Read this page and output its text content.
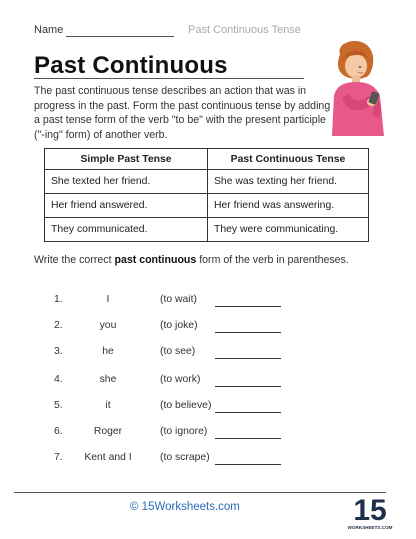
Name	Past Continuous Tense
Past Continuous
The past continuous tense describes an action that was in progress in the past. Form the past continuous tense by adding a past tense form of the verb "to be" with the present participle ("-ing" form) of another verb.
Simple Past Tense	Past Continuous Tense
She texted her friend.	She was texting her friend.
Her friend answered.	Her friend was answering.
They communicated.	They were communicating.
Write the correct past continuous form of the verb in parentheses.
1.	I	(to wait)
2.	you	(to joke)
3.	he	(to see)
4.	she	(to work)
5.	it	(to believe)
6.	Roger	(to ignore)
7.	Kent and I	(to scrape)
© 15Worksheets.com	15
WORKSHEETS.COM
